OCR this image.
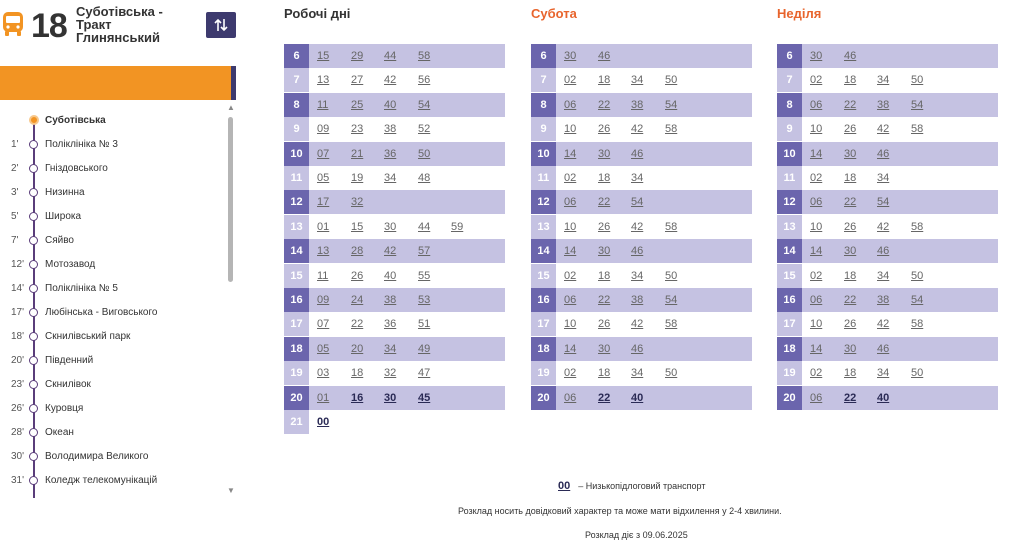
18 Суботівська - Тракт Глинянський
Суботівська
1'	Поліклініка № 3
2'	Гніздовського
3'	Низинна
5'	Широка
7'	Сяйво
12' Мотозавод
14' Поліклініка № 5
17' Любінська - Виговського
18' Скнилівський парк
20' Південний
23' Скнилівок
26' Куровця
28' Океан
30' Володимира Великого
31' Коледж телекомунікацій
▲
▼
Робочі дні
6	15 29 44 58
7	13 27 42 56
8	11 25 40 54
9	09 23 38 52
10	07 21 36 50
11	05 19 34 48
12	17 32
13	01 15 30 44 59
14	13 28 42 57
15	11 26 40 55
16	09 24 38 53
17	07 22 36 51
18	05 20 34 49
19	03 18 32 47
20	01 16 30 45
21	00
Субота
6	30 46
7	02 18 34 50
8	06 22 38 54
9	10 26 42 58
10	14 30 46
11	02 18 34
12	06 22 54
13	10 26 42 58
14	14 30 46
15	02 18 34 50
16	06 22 38 54
17	10 26 42 58
18	14 30 46
19	02 18 34 50
20	06 22 40
Неділя
6	30 46
7	02 18 34 50
8	06 22 38 54
9	10 26 42 58
10	14 30 46
11	02 18 34
12	06 22 54
13	10 26 42 58
14	14 30 46
15	02 18 34 50
16	06 22 38 54
17	10 26 42 58
18	14 30 46
19	02 18 34 50
20	06 22 40
00 – Низькопідлоговий транспорт
Розклад носить довідковий характер та може мати відхилення у 2-4 хвилини.
Розклад діє з 09.06.2025
